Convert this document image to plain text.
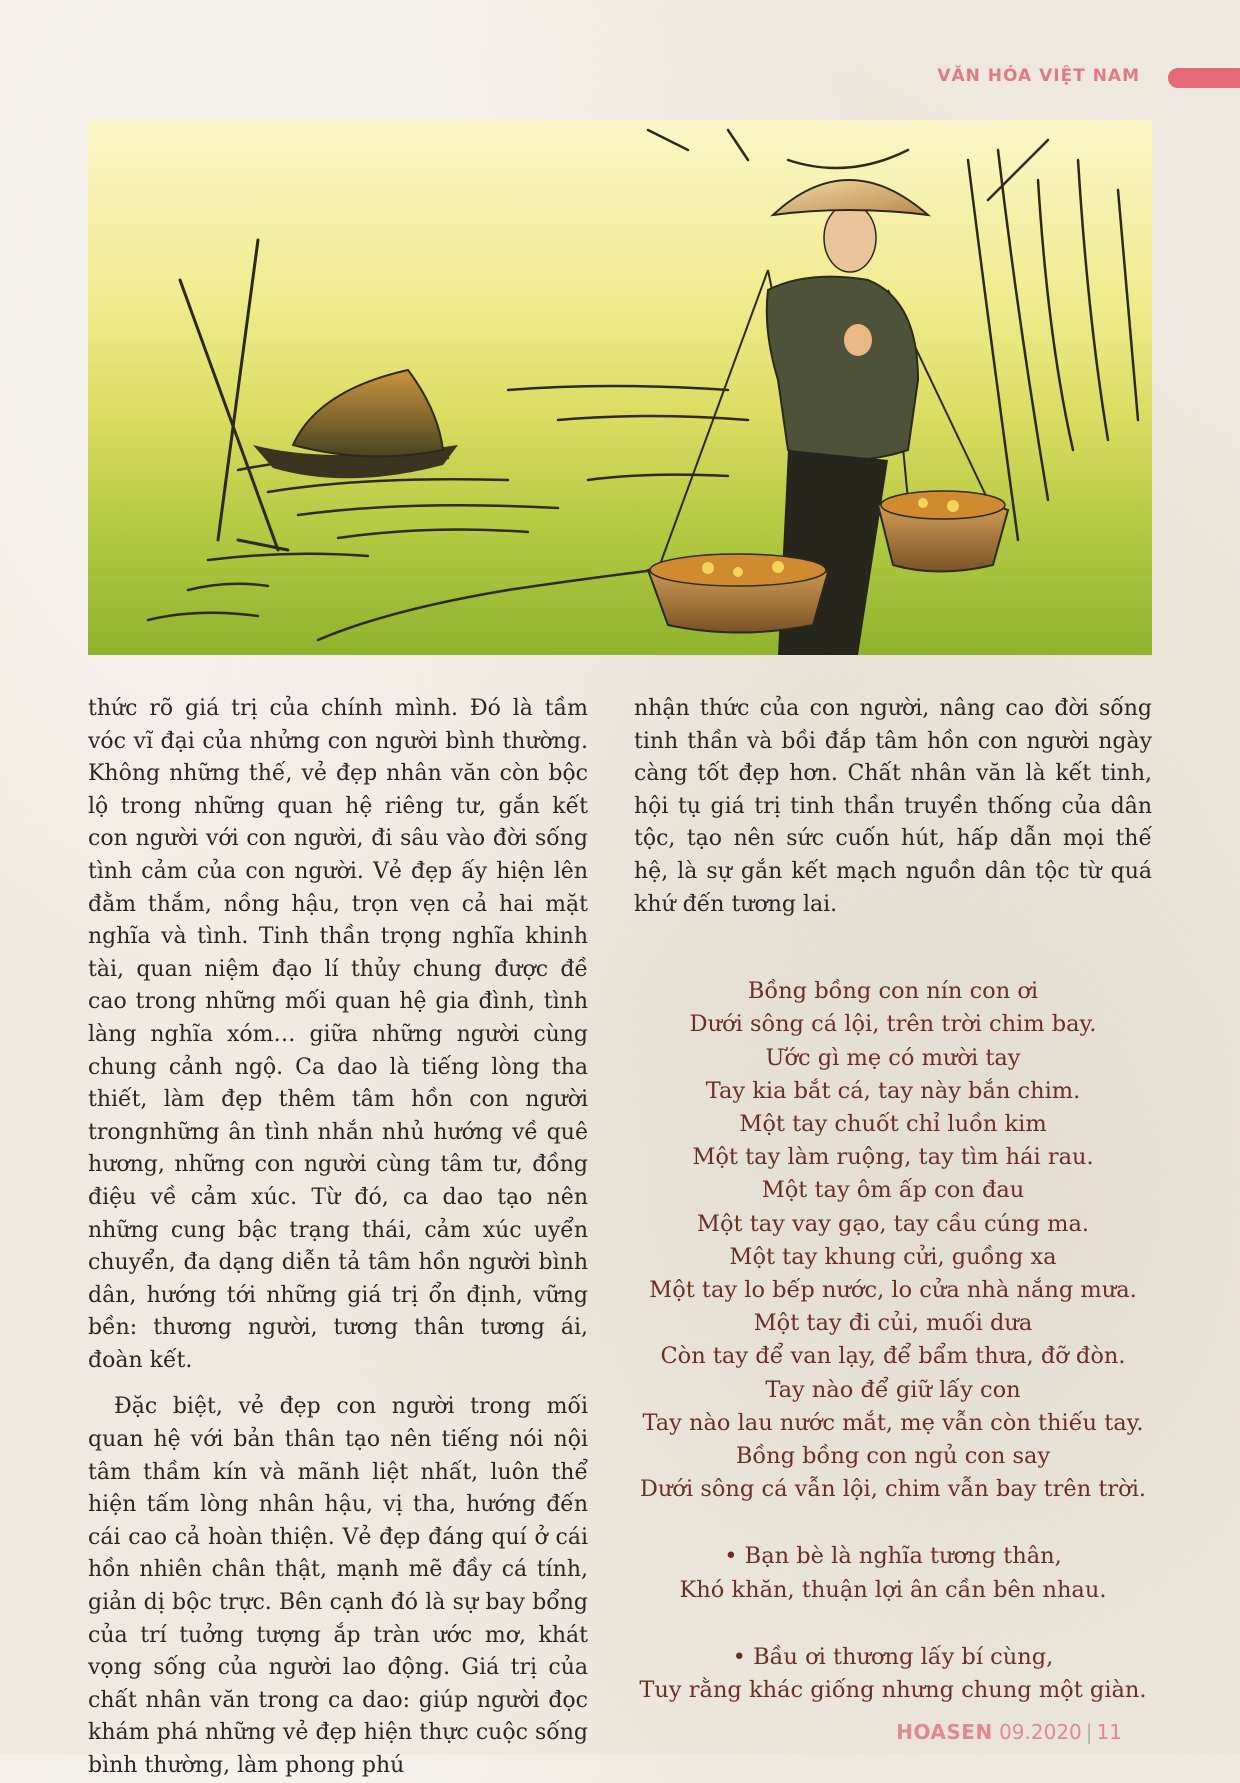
VĂN HÓA VIỆT NAM

thức rõ giá trị của chính mình. Đó là tầm vóc vĩ đại của nhửng con người bình thường. Không những thế, vẻ đẹp nhân văn còn bộc lộ trong những quan hệ riêng tư, gắn kết con người với con người, đi sâu vào đời sống tình cảm của con người. Vẻ đẹp ấy hiện lên đằm thắm, nồng hậu, trọn vẹn cả hai mặt nghĩa và tình. Tinh thần trọng nghĩa khinh tài, quan niệm đạo lí thủy chung được đề cao trong những mối quan hệ gia đình, tình làng nghĩa xóm… giữa những người cùng chung cảnh ngộ. Ca dao là tiếng lòng tha thiết, làm đẹp thêm tâm hồn con người trongnhững ân tình nhắn nhủ hướng về quê hương, những con người cùng tâm tư, đồng điệu về cảm xúc. Từ đó, ca dao tạo nên những cung bậc trạng thái, cảm xúc uyển chuyển, đa dạng diễn tả tâm hồn người bình dân, hướng tới những giá trị ổn định, vững bền: thương người, tương thân tương ái, đoàn kết.

Đặc biệt, vẻ đẹp con người trong mối quan hệ với bản thân tạo nên tiếng nói nội tâm thầm kín và mãnh liệt nhất, luôn thể hiện tấm lòng nhân hậu, vị tha, hướng đến cái cao cả hoàn thiện. Vẻ đẹp đáng quí ở cái hồn nhiên chân thật, mạnh mẽ đầy cá tính, giản dị bộc trực. Bên cạnh đó là sự bay bổng của trí tuởng tượng ắp tràn ước mơ, khát vọng sống của người lao động. Giá trị của chất nhân văn trong ca dao: giúp người đọc khám phá những vẻ đẹp hiện thực cuộc sống bình thường, làm phong phú

nhận thức của con người, nâng cao đời sống tinh thần và bồi đắp tâm hồn con người ngày càng tốt đẹp hơn. Chất nhân văn là kết tinh, hội tụ giá trị tinh thần truyền thống của dân tộc, tạo nên sức cuốn hút, hấp dẫn mọi thế hệ, là sự gắn kết mạch nguồn dân tộc từ quá khứ đến tương lai.

Bồng bồng con nín con ơi
Dưới sông cá lội, trên trời chim bay.
Ước gì mẹ có mười tay
Tay kia bắt cá, tay này bắn chim.
Một tay chuốt chỉ luồn kim
Một tay làm ruộng, tay tìm hái rau.
Một tay ôm ấp con đau
Một tay vay gạo, tay cầu cúng ma.
Một tay khung cửi, guồng xa
Một tay lo bếp nước, lo cửa nhà nắng mưa.
Một tay đi củi, muối dưa
Còn tay để van lạy, để bẩm thưa, đỡ đòn.
Tay nào để giữ lấy con
Tay nào lau nước mắt, mẹ vẫn còn thiếu tay.
Bồng bồng con ngủ con say
Dưới sông cá vẫn lội, chim vẫn bay trên trời.
• Bạn bè là nghĩa tương thân,
Khó khăn, thuận lợi ân cần bên nhau.
• Bầu ơi thương lấy bí cùng,
Tuy rằng khác giống nhưng chung một giàn.
HOASEN 09.2020 | 11
